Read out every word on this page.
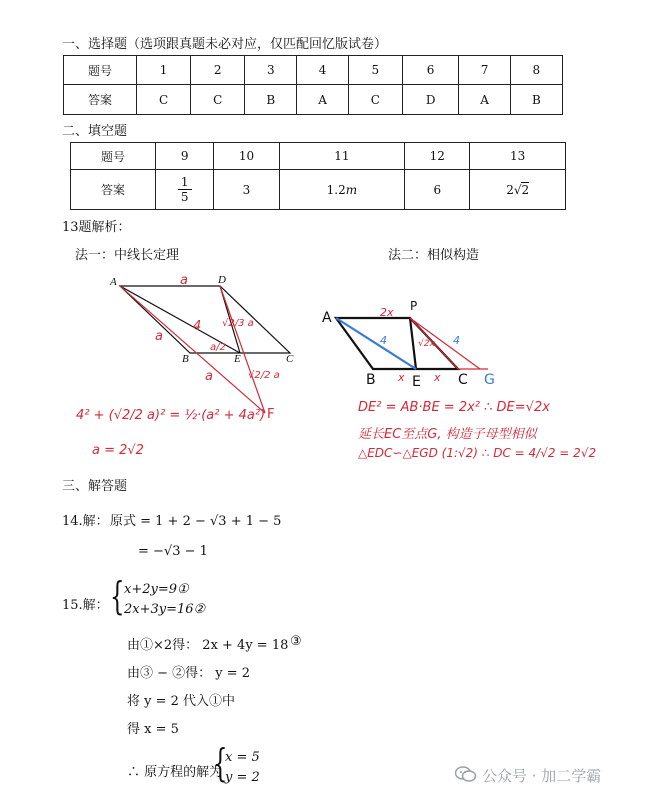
一、选择题（选项跟真题未必对应，仅匹配回忆版试卷）
题号	1	2	3	4	5	6	7	8
答案	C	C	B	A	C	D	A	B
二、填空题
题号	9	10	11	12	13
答案	$\frac{1}{5}$	3	1.2m	6	2√2
13题解析：
法一：中线长定理	法二：相似构造
A	D
B	E	C
a
a
4 √2/3 a
a/2
a	√2/2 a
F
4² + (√2/2 a)² = ½·(a² + 4a²)
a = 2√2
A
P
B	E	C G
2x
4	√2x 4
x	x
DE² = AB·BE = 2x² ∴ DE=√2x
延长EC至点G, 构造子母型相似
△EDC∽△EGD (1:√2) ∴ DC = 4/√2 = 2√2
三、解答题
14.解： 原式 = 1 + 2 − √3 + 1 − 5
= −√3 − 1
15.解： { x+2y=9①
2x+3y=16②
由①×2得： 2x + 4y = 18 ③
由③ − ②得： y = 2
将 y = 2 代入①中
得 x = 5
∴ 原方程的解为
{
x = 5
y = 2	公众号 · 加二学霸
